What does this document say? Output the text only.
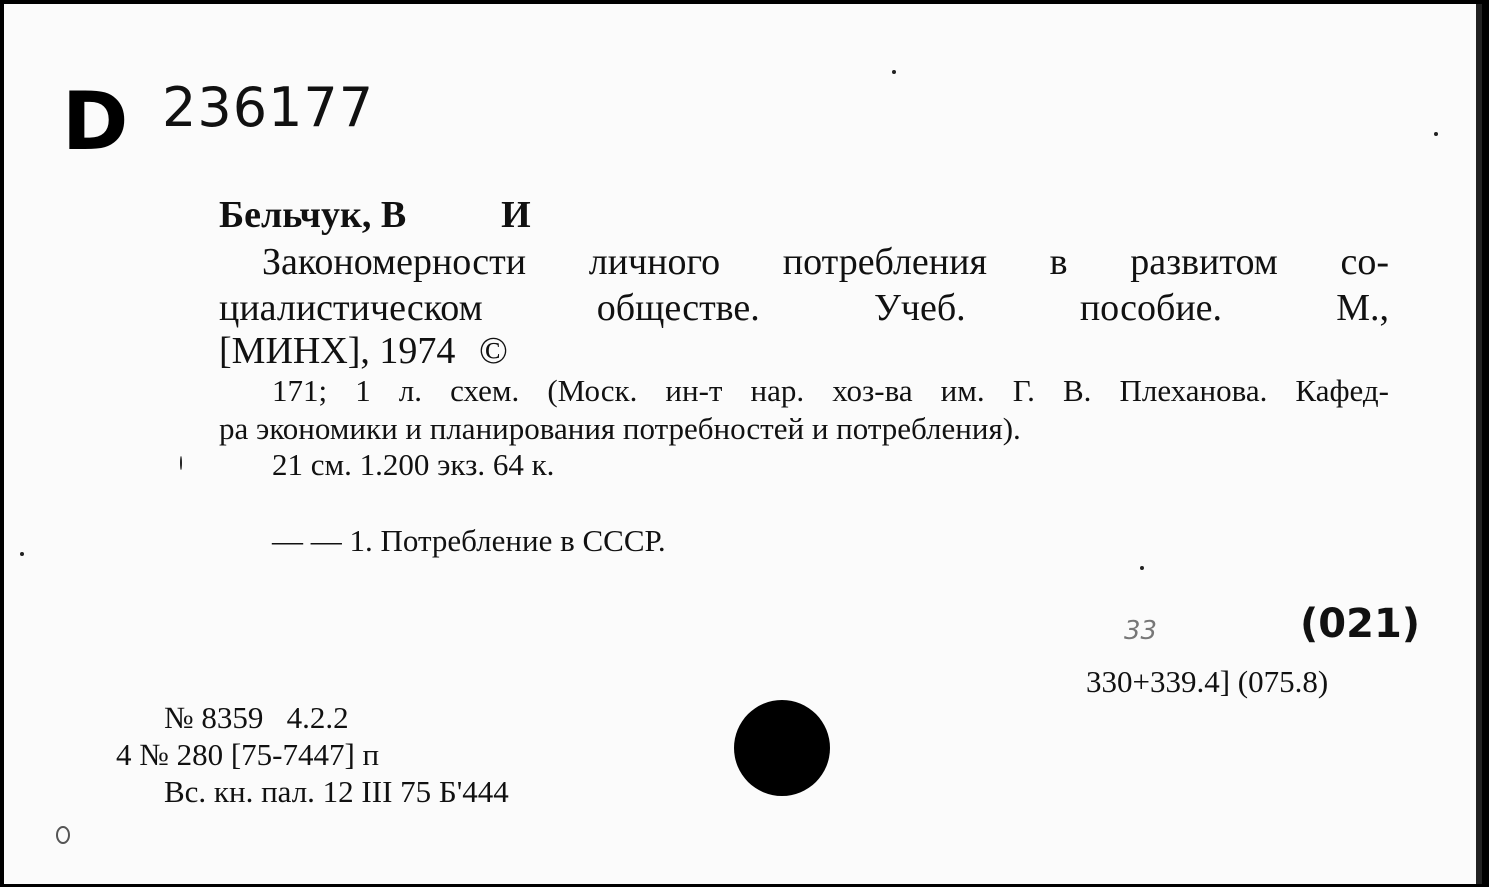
D 236177
Бельчук, В          И
Закономерности личного потребления в развитом со-
циалистическом обществе. Учеб. пособие. М.,
[МИНХ], 1974 ©
171; 1 л. схем. (Моск. ин-т нар. хоз-ва им. Г. В. Плеханова. Кафед-
ра экономики и планирования потребностей и потребления).
21 см. 1.200 экз. 64 к.
— — 1. Потребление в СССР.
(021)
33
330+339.4] (075.8)
№ 8359   4.2.2
4 № 280 [75-7447] п
Вс. кн. пал. 12 III 75 Б'444
